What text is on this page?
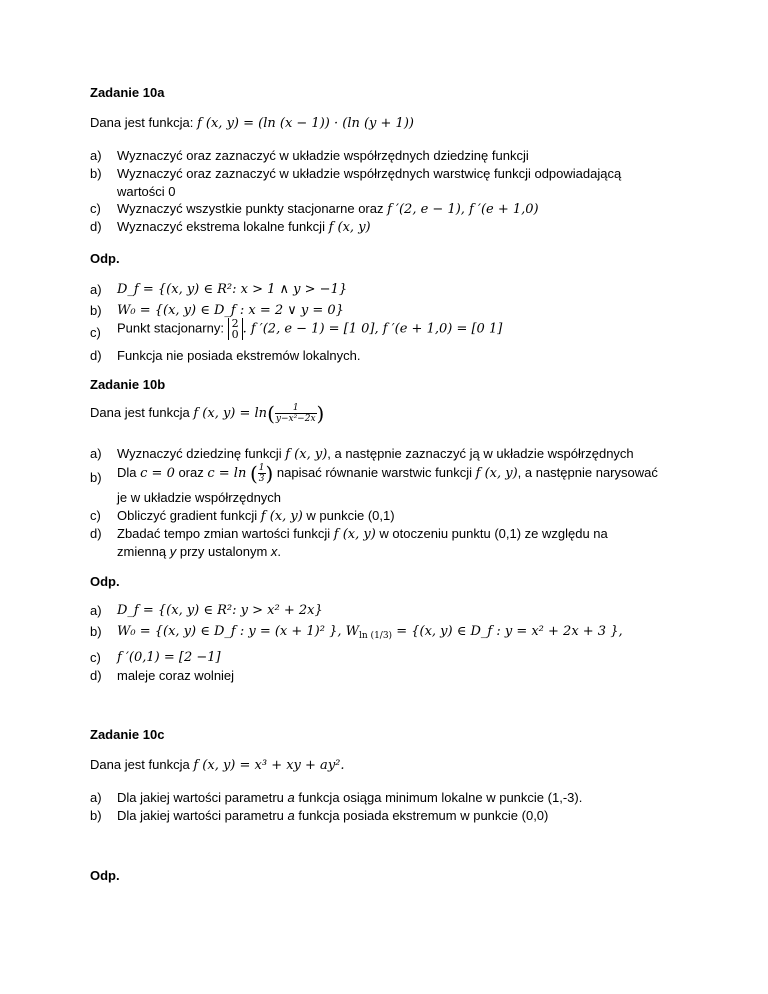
Zadanie 10a
Dana jest funkcja: f (x, y) = (ln (x − 1)) · (ln (y + 1))
a) Wyznaczyć oraz zaznaczyć w układzie współrzędnych dziedzinę funkcji
b) Wyznaczyć oraz zaznaczyć w układzie współrzędnych warstwicę funkcji odpowiadającą
wartości 0
c) Wyznaczyć wszystkie punkty stacjonarne oraz f ′(2, e − 1), f ′(e + 1,0)
d) Wyznaczyć ekstrema lokalne funkcji f (x, y)
Odp.
a) D_f = {(x, y) ∈ R²: x > 1 ∧ y > −1}
b) W₀ = {(x, y) ∈ D_f : x = 2 ∨ y = 0}
c) Punkt stacjonarny: 2
0 . f ′(2, e − 1) = [1 0], f ′(e + 1,0) = [0 1]
d) Funkcja nie posiada ekstremów lokalnych.
Zadanie 10b
Dana jest funkcja f (x, $y) = \ln( \frac{1}{\text{y−x²−2x}}$ )
a) Wyznaczyć dziedzinę funkcji f (x, y), a następnie zaznaczyć ją w układzie współrzędnych
b) Dla c = 0 oraz c = ln ( $\frac{1}{3}$ ) napisać równanie warstwic funkcji f (x, y), a następnie narysować
je w układzie współrzędnych
c) Obliczyć gradient funkcji f (x, y) w punkcie (0,1)
d) Zbadać tempo zmian wartości funkcji f (x, y) w otoczeniu punktu (0,1) ze względu na
zmienną y przy ustalonym x.
Odp.
a) D_f = {(x, y) ∈ R²: y > x² + 2x}
b) W₀ = {(x, y) ∈ D_f : y = (x + 1)² }, $W_{ln (1/3)} = \{(x$, y) ∈ D_f : y = x² + 2x + 3 },
c) f ′(0,1) = [2 −1]
d) maleje coraz wolniej
Zadanie 10c
Dana jest funkcja f (x, y) = x³ + xy + ay².
a) Dla jakiej wartości parametru a funkcja osiąga minimum lokalne w punkcie (1,-3).
b) Dla jakiej wartości parametru a funkcja posiada ekstremum w punkcie (0,0)
Odp.
